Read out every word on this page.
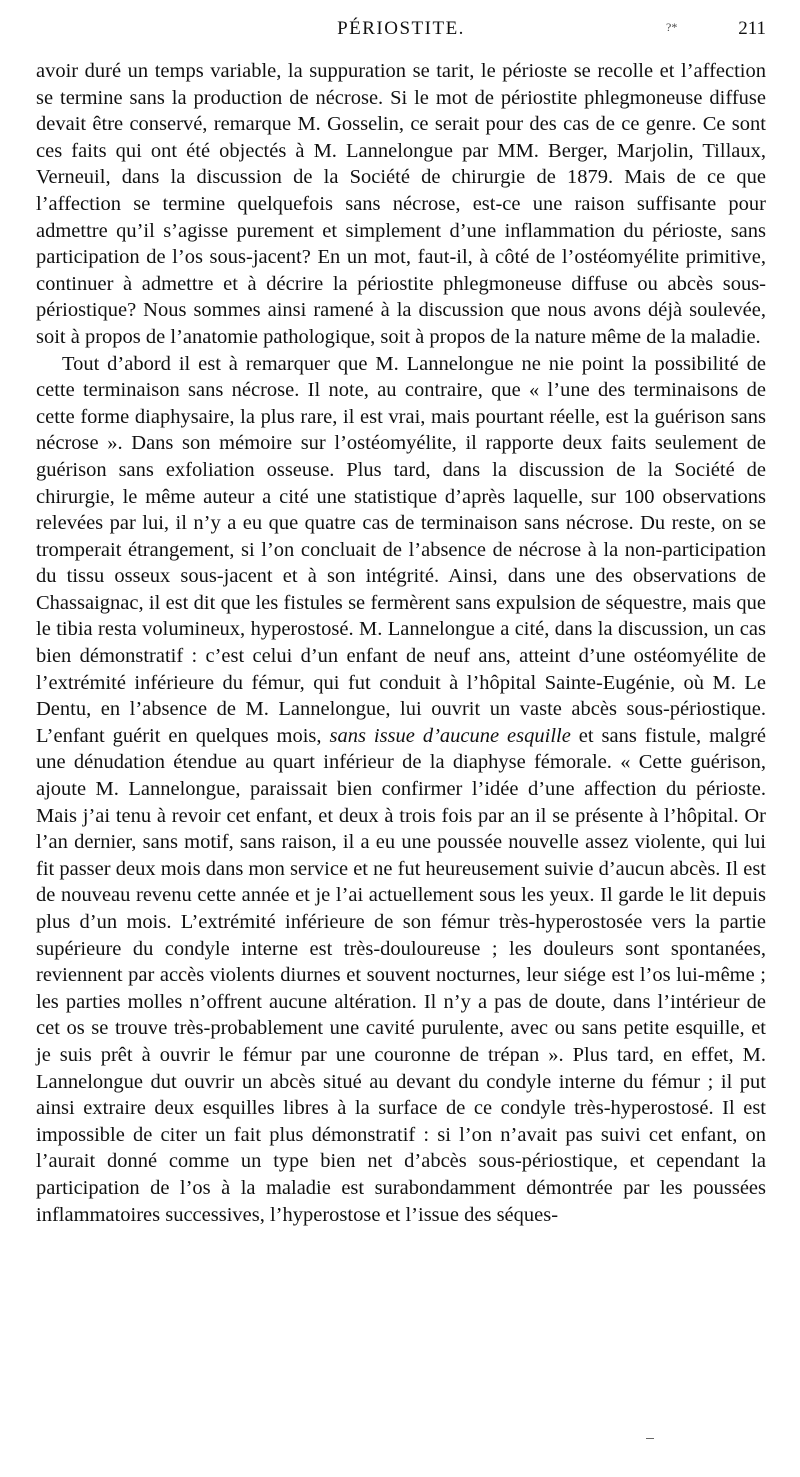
PÉRIOSTITE.	?*	211

avoir duré un temps variable, la suppuration se tarit, le périoste se recolle et l’affection se termine sans la production de nécrose. Si le mot de périostite phlegmoneuse diffuse devait être conservé, remarque M. Gosselin, ce serait pour des cas de ce genre. Ce sont ces faits qui ont été objectés à M. Lannelongue par MM. Berger, Marjolin, Tillaux, Verneuil, dans la discussion de la Société de chirurgie de 1879. Mais de ce que l’affection se termine quelquefois sans nécrose, est-ce une raison suffisante pour admettre qu’il s’agisse purement et simplement d’une inflammation du périoste, sans participation de l’os sous-jacent? En un mot, faut-il, à côté de l’ostéomyélite primitive, continuer à admettre et à décrire la périostite phlegmoneuse diffuse ou abcès sous-périostique? Nous sommes ainsi ramené à la discussion que nous avons déjà soulevée, soit à propos de l’anatomie pathologique, soit à propos de la nature même de la maladie.

Tout d’abord il est à remarquer que M. Lannelongue ne nie point la possibilité de cette terminaison sans nécrose. Il note, au contraire, que « l’une des terminaisons de cette forme diaphysaire, la plus rare, il est vrai, mais pourtant réelle, est la guérison sans nécrose ». Dans son mémoire sur l’ostéomyélite, il rapporte deux faits seulement de guérison sans exfoliation osseuse. Plus tard, dans la discussion de la Société de chirurgie, le même auteur a cité une statistique d’après laquelle, sur 100 observations relevées par lui, il n’y a eu que quatre cas de terminaison sans nécrose. Du reste, on se tromperait étrangement, si l’on concluait de l’absence de nécrose à la non-participation du tissu osseux sous-jacent et à son intégrité. Ainsi, dans une des observations de Chassaignac, il est dit que les fistules se fermèrent sans expulsion de séquestre, mais que le tibia resta volumineux, hyperostosé. M. Lannelongue a cité, dans la discussion, un cas bien démonstratif : c’est celui d’un enfant de neuf ans, atteint d’une ostéomyélite de l’extrémité inférieure du fémur, qui fut conduit à l’hôpital Sainte-Eugénie, où M. Le Dentu, en l’absence de M. Lannelongue, lui ouvrit un vaste abcès sous-périostique. L’enfant guérit en quelques mois, sans issue d’aucune esquille et sans fistule, malgré une dénudation étendue au quart inférieur de la diaphyse fémorale. « Cette guérison, ajoute M. Lannelongue, paraissait bien confirmer l’idée d’une affection du périoste. Mais j’ai tenu à revoir cet enfant, et deux à trois fois par an il se présente à l’hôpital. Or l’an dernier, sans motif, sans raison, il a eu une poussée nouvelle assez violente, qui lui fit passer deux mois dans mon service et ne fut heureusement suivie d’aucun abcès. Il est de nouveau revenu cette année et je l’ai actuellement sous les yeux. Il garde le lit depuis plus d’un mois. L’extrémité inférieure de son fémur très-hyperostosée vers la partie supérieure du condyle interne est très-douloureuse ; les douleurs sont spontanées, reviennent par accès violents diurnes et souvent nocturnes, leur siége est l’os lui-même ; les parties molles n’offrent aucune altération. Il n’y a pas de doute, dans l’intérieur de cet os se trouve très-probablement une cavité purulente, avec ou sans petite esquille, et je suis prêt à ouvrir le fémur par une couronne de trépan ». Plus tard, en effet, M. Lannelongue dut ouvrir un abcès situé au devant du condyle interne du fémur ; il put ainsi extraire deux esquilles libres à la surface de ce condyle très-hyperostosé. Il est impossible de citer un fait plus démonstratif : si l’on n’avait pas suivi cet enfant, on l’aurait donné comme un type bien net d’abcès sous-périostique, et cependant la participation de l’os à la maladie est surabondamment démontrée par les poussées inflammatoires successives, l’hyperostose et l’issue des séques-
